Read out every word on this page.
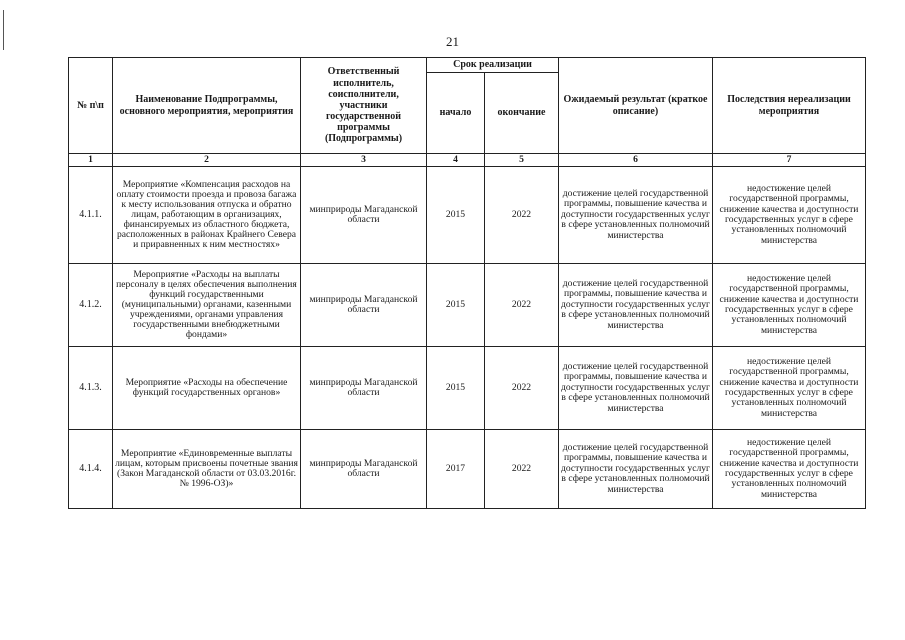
21
№ п\п	Наименование Подпрограммы, основного мероприятия, мероприятия	Ответственный исполнитель, соисполнители, участники государственной программы (Подпрограммы)	Срок реализации		Ожидаемый результат (краткое описание)	Последствия нереализации мероприятия
			начало	окончание		
1	2	3	4	5	6	7
4.1.1.	Мероприятие «Компенсация расходов на оплату стоимости проезда и провоза багажа к месту использования отпуска и обратно лицам, работающим в организациях, финансируемых из областного бюджета, расположенных в районах Крайнего Севера и приравненных к ним местностях»	минприроды Магаданской области	2015	2022	достижение целей государственной программы, повышение качества и доступности государственных услуг в сфере установленных полномочий министерства	недостижение целей государственной программы, снижение качества и доступности государственных услуг в сфере установленных полномочий министерства
4.1.2.	Мероприятие «Расходы на выплаты персоналу в целях обеспечения выполнения функций государственными (муниципальными) органами, казенными учреждениями, органами управления государственными внебюджетными фондами»	минприроды Магаданской области	2015	2022	достижение целей государственной программы, повышение качества и доступности государственных услуг в сфере установленных полномочий министерства	недостижение целей государственной программы, снижение качества и доступности государственных услуг в сфере установленных полномочий министерства
4.1.3.	Мероприятие «Расходы на обеспечение функций государственных органов»	минприроды Магаданской области	2015	2022	достижение целей государственной программы, повышение качества и доступности государственных услуг в сфере установленных полномочий министерства	недостижение целей государственной программы, снижение качества и доступности государственных услуг в сфере установленных полномочий министерства
4.1.4.	Мероприятие «Единовременные выплаты лицам, которым присвоены почетные звания (Закон Магаданской области от 03.03.2016г. № 1996-ОЗ)»	минприроды Магаданской области	2017	2022	достижение целей государственной программы, повышение качества и доступности государственных услуг в сфере установленных полномочий министерства	недостижение целей государственной программы, снижение качества и доступности государственных услуг в сфере установленных полномочий министерства
